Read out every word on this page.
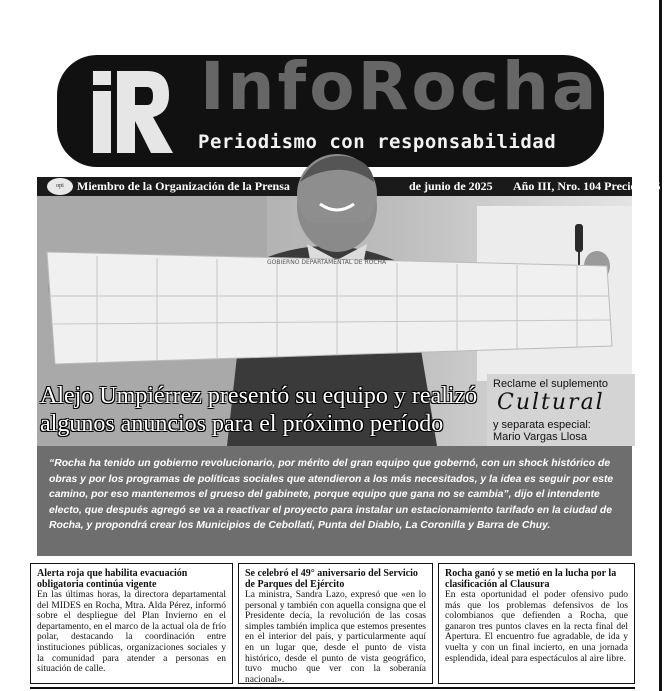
InfoRocha
Periodismo con responsabilidad
opi	Miembro de la Organización de la Prensa	de junio de 2025 Año III, Nro. 104 Precio $ 75
GOBIERNO DEPARTAMENTAL DE ROCHA
Alejo Umpiérrez presentó su equipo y realizó algunos anuncios para el próximo período
Reclame el suplemento
Cultural
y separata especial:
Mario Vargas Llosa

“Rocha ha tenido un gobierno revolucionario, por mérito del gran equipo que gobernó, con un shock histórico de obras y por los programas de políticas sociales que atendieron a los más necesitados, y la idea es seguir por este camino, por eso mantenemos el grueso del gabinete, porque equipo que gana no se cambia”, dijo el intendente electo, que después agregó se va a reactivar el proyecto para instalar un estacionamiento tarifado en la ciudad de Rocha, y propondrá crear los Municipios de Cebollatí, Punta del Diablo, La Coronilla y Barra de Chuy.

Alerta roja que habilita evacuación obligatoria continúa vigente

En las últimas horas, la directora departamental del MIDES en Rocha, Mtra. Alda Pérez, informó sobre el despliegue del Plan Invierno en el departamento, en el marco de la actual ola de frío polar, destacando la coordinación entre instituciones públicas, organizaciones sociales y la comunidad para atender a personas en situación de calle.

Se celebró el 49° aniversario del Servicio de Parques del Ejército

La ministra, Sandra Lazo, expresó que «en lo personal y también con aquella consigna que el Presidente decía, la revolución de las cosas simples también implica que estemos presentes en el interior del país, y particularmente aquí en un lugar que, desde el punto de vista histórico, desde el punto de vista geográfico, tuvo mucho que ver con la soberanía nacional».

Rocha ganó y se metió en la lucha por la clasificación al Clausura

En esta oportunidad el poder ofensivo pudo más que los problemas defensivos de los colombianos que defienden a Rocha, que ganaron tres puntos claves en la recta final del Apertura. El encuentro fue agradable, de ida y vuelta y con un final incierto, en una jornada esplendida, ideal para espectáculos al aire libre.
